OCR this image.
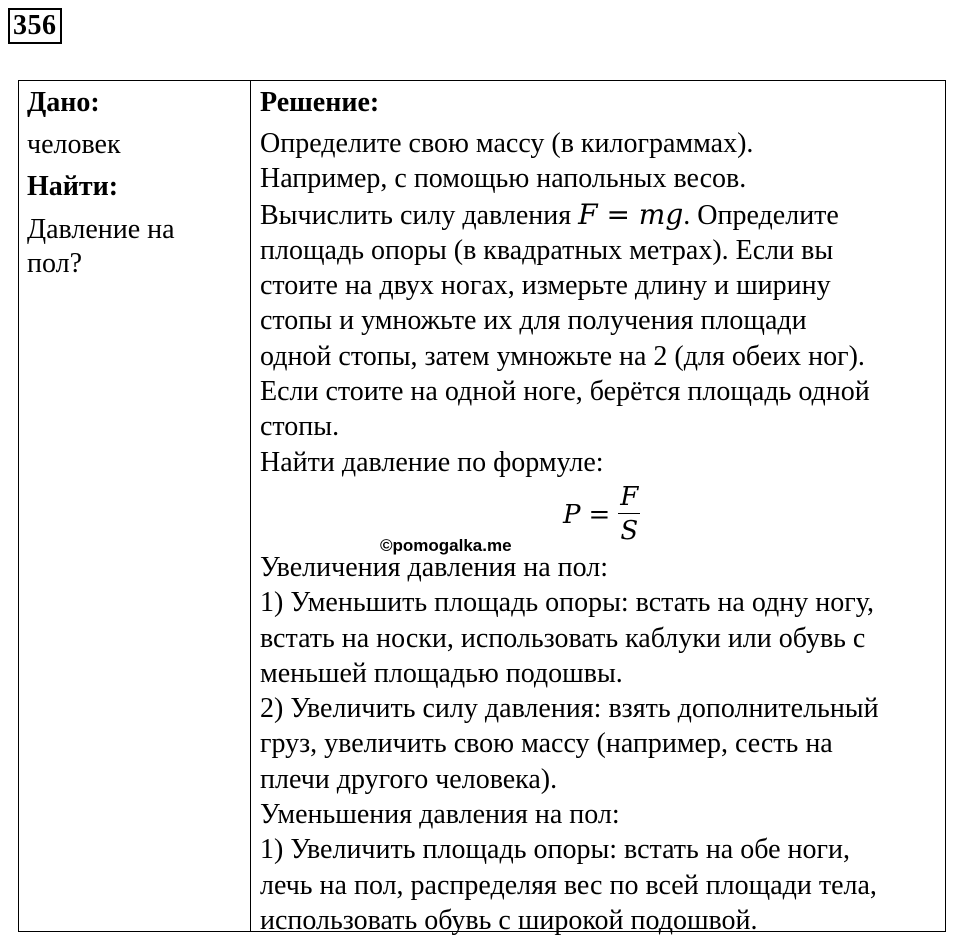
356
Дано:
человек
Найти:
Давление на
пол?
Решение:
Определите свою массу (в килограммах).
Например, с помощью напольных весов.
Вычислить силу давления F = mg. Определите
площадь опоры (в квадратных метрах). Если вы
стоите на двух ногах, измерьте длину и ширину
стопы и умножьте их для получения площади
одной стопы, затем умножьте на 2 (для обеих ног).
Если стоите на одной ноге, берётся площадь одной
стопы.
Найти давление по формуле:
$P = \frac{F}{S}$
Увеличения давления на пол:
1) Уменьшить площадь опоры: встать на одну ногу,
встать на носки, использовать каблуки или обувь с
меньшей площадью подошвы.
2) Увеличить силу давления: взять дополнительный
груз, увеличить свою массу (например, сесть на
плечи другого человека).
Уменьшения давления на пол:
1) Увеличить площадь опоры: встать на обе ноги,
лечь на пол, распределяя вес по всей площади тела,
использовать обувь с широкой подошвой.
©pomogalka.me
